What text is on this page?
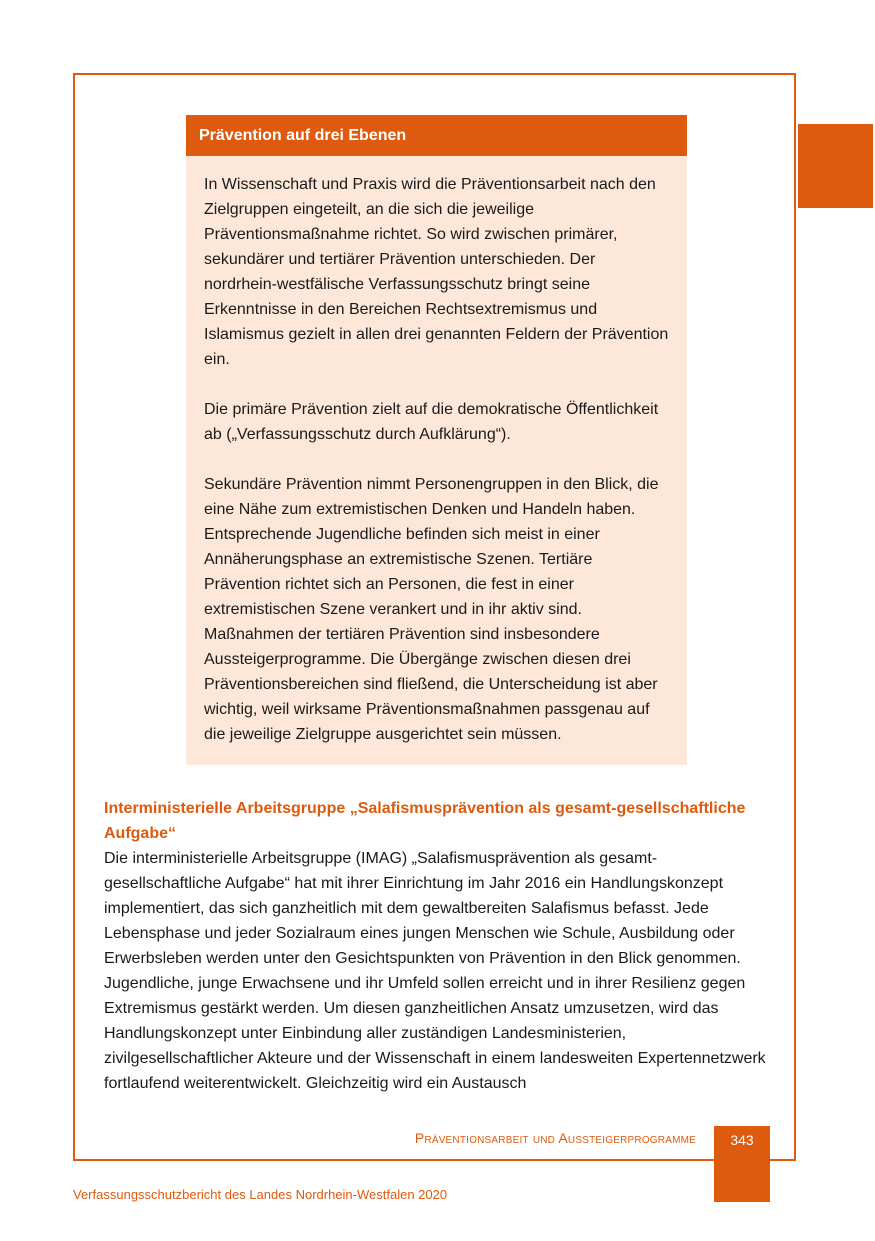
Prävention auf drei Ebenen

In Wissenschaft und Praxis wird die Präventionsarbeit nach den Zielgruppen eingeteilt, an die sich die jeweilige Präventionsmaßnahme richtet. So wird zwischen primärer, sekundärer und tertiärer Prävention unterschieden. Der nordrhein-westfälische Verfassungsschutz bringt seine Erkenntnisse in den Bereichen Rechtsextremismus und Islamismus gezielt in allen drei genannten Feldern der Prävention ein.

Die primäre Prävention zielt auf die demokratische Öffentlichkeit ab („Verfassungsschutz durch Aufklärung“).

Sekundäre Prävention nimmt Personengruppen in den Blick, die eine Nähe zum extremistischen Denken und Handeln haben. Entsprechende Jugendliche befinden sich meist in einer Annäherungsphase an extremistische Szenen. Tertiäre Prävention richtet sich an Personen, die fest in einer extremistischen Szene verankert und in ihr aktiv sind. Maßnahmen der tertiären Prävention sind insbesondere Aussteigerprogramme. Die Übergänge zwischen diesen drei Präventionsbereichen sind fließend, die Unterscheidung ist aber wichtig, weil wirksame Präventionsmaßnahmen passgenau auf die jeweilige Zielgruppe ausgerichtet sein müssen.

Interministerielle Arbeitsgruppe „Salafismusprävention als gesamt-gesellschaftliche Aufgabe“

Die interministerielle Arbeitsgruppe (IMAG) „Salafismusprävention als gesamt-gesellschaftliche Aufgabe“ hat mit ihrer Einrichtung im Jahr 2016 ein Handlungskonzept implementiert, das sich ganzheitlich mit dem gewaltbereiten Salafismus befasst. Jede Lebensphase und jeder Sozialraum eines jungen Menschen wie Schule, Ausbildung oder Erwerbsleben werden unter den Gesichtspunkten von Prävention in den Blick genommen. Jugendliche, junge Erwachsene und ihr Umfeld sollen erreicht und in ihrer Resilienz gegen Extremismus gestärkt werden. Um diesen ganzheitlichen Ansatz umzusetzen, wird das Handlungskonzept unter Einbindung aller zuständigen Landesministerien, zivilgesellschaftlicher Akteure und der Wissenschaft in einem landesweiten Expertennetzwerk fortlaufend weiterentwickelt. Gleichzeitig wird ein Austausch

Präventionsarbeit und Aussteigerprogramme	343
Verfassungsschutzbericht des Landes Nordrhein-Westfalen 2020
